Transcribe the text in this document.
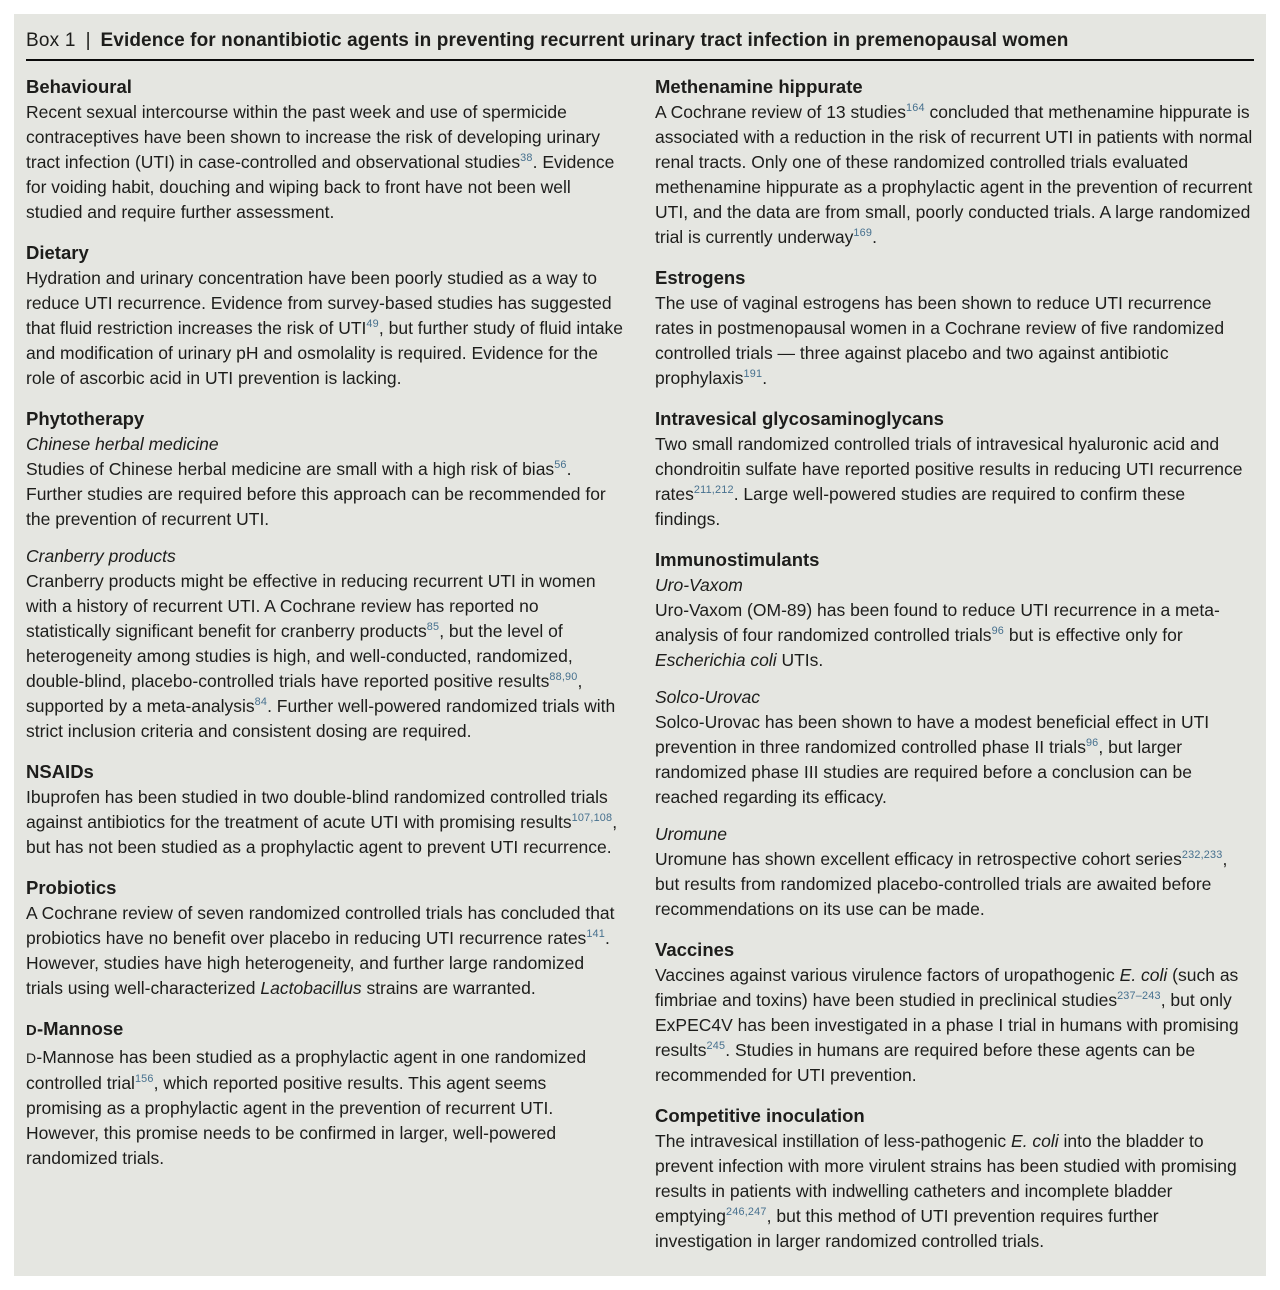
Box 1 | Evidence for nonantibiotic agents in preventing recurrent urinary tract infection in premenopausal women
Behavioural

Recent sexual intercourse within the past week and use of spermicide contraceptives have been shown to increase the risk of developing urinary tract infection (UTI) in case-controlled and observational studies$^{38}$. Evidence for voiding habit, douching and wiping back to front have not been well studied and require further assessment.

Dietary

Hydration and urinary concentration have been poorly studied as a way to reduce UTI recurrence. Evidence from survey-based studies has suggested that fluid restriction increases the risk of UTI$^{49}$, but further study of fluid intake and modification of urinary pH and osmolality is required. Evidence for the role of ascorbic acid in UTI prevention is lacking.

Phytotherapy
Chinese herbal medicine

Studies of Chinese herbal medicine are small with a high risk of bias$^{56}$. Further studies are required before this approach can be recommended for the prevention of recurrent UTI.

Cranberry products

Cranberry products might be effective in reducing recurrent UTI in women with a history of recurrent UTI. A Cochrane review has reported no statistically significant benefit for cranberry products$^{85}$, but the level of heterogeneity among studies is high, and well-conducted, randomized, double-blind, placebo-controlled trials have reported positive results$^{88,90}$, supported by a meta-analysis$^{84}$. Further well-powered randomized trials with strict inclusion criteria and consistent dosing are required.

NSAIDs

Ibuprofen has been studied in two double-blind randomized controlled trials against antibiotics for the treatment of acute UTI with promising results$^{107,108}$, but has not been studied as a prophylactic agent to prevent UTI recurrence.

Probiotics

A Cochrane review of seven randomized controlled trials has concluded that probiotics have no benefit over placebo in reducing UTI recurrence rates$^{141}$. However, studies have high heterogeneity, and further large randomized trials using well-characterized Lactobacillus strains are warranted.

D-Mannose

D-Mannose has been studied as a prophylactic agent in one randomized controlled trial$^{156}$, which reported positive results. This agent seems promising as a prophylactic agent in the prevention of recurrent UTI. However, this promise needs to be confirmed in larger, well-powered randomized trials.

Methenamine hippurate

A Cochrane review of 13 studies$^{164}$ concluded that methenamine hippurate is associated with a reduction in the risk of recurrent UTI in patients with normal renal tracts. Only one of these randomized controlled trials evaluated methenamine hippurate as a prophylactic agent in the prevention of recurrent UTI, and the data are from small, poorly conducted trials. A large randomized trial is currently underway$^{169}$.

Estrogens

The use of vaginal estrogens has been shown to reduce UTI recurrence rates in postmenopausal women in a Cochrane review of five randomized controlled trials — three against placebo and two against antibiotic prophylaxis$^{191}$.

Intravesical glycosaminoglycans

Two small randomized controlled trials of intravesical hyaluronic acid and chondroitin sulfate have reported positive results in reducing UTI recurrence rates$^{211,212}$. Large well-powered studies are required to confirm these findings.

Immunostimulants
Uro-Vaxom

Uro-Vaxom (OM-89) has been found to reduce UTI recurrence in a meta-analysis of four randomized controlled trials$^{96}$ but is effective only for Escherichia coli UTIs.

Solco-Urovac

Solco-Urovac has been shown to have a modest beneficial effect in UTI prevention in three randomized controlled phase II trials$^{96}$, but larger randomized phase III studies are required before a conclusion can be reached regarding its efficacy.

Uromune

Uromune has shown excellent efficacy in retrospective cohort series$^{232,233}$, but results from randomized placebo-controlled trials are awaited before recommendations on its use can be made.

Vaccines

Vaccines against various virulence factors of uropathogenic E. coli (such as fimbriae and toxins) have been studied in preclinical studies$^{237-243}$, but only ExPEC4V has been investigated in a phase I trial in humans with promising results$^{245}$. Studies in humans are required before these agents can be recommended for UTI prevention.

Competitive inoculation

The intravesical instillation of less-pathogenic E. coli into the bladder to prevent infection with more virulent strains has been studied with promising results in patients with indwelling catheters and incomplete bladder emptying$^{246,247}$, but this method of UTI prevention requires further investigation in larger randomized controlled trials.
